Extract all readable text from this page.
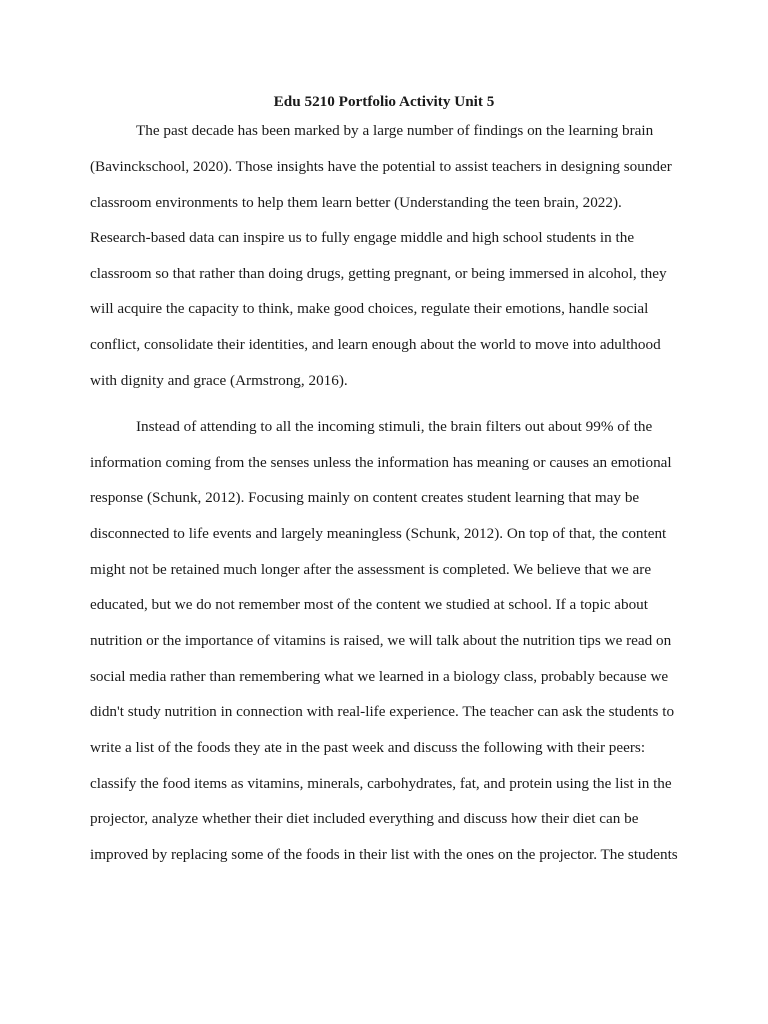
Edu 5210 Portfolio Activity Unit 5

The past decade has been marked by a large number of findings on the learning brain

(Bavinckschool, 2020). Those insights have the potential to assist teachers in designing sounder

classroom environments to help them learn better (Understanding the teen brain, 2022).

Research-based data can inspire us to fully engage middle and high school students in the

classroom so that rather than doing drugs, getting pregnant, or being immersed in alcohol, they

will acquire the capacity to think, make good choices, regulate their emotions, handle social

conflict, consolidate their identities, and learn enough about the world to move into adulthood

with dignity and grace (Armstrong, 2016).

Instead of attending to all the incoming stimuli, the brain filters out about 99% of the

information coming from the senses unless the information has meaning or causes an emotional

response (Schunk, 2012). Focusing mainly on content creates student learning that may be

disconnected to life events and largely meaningless (Schunk, 2012). On top of that, the content

might not be retained much longer after the assessment is completed. We believe that we are

educated, but we do not remember most of the content we studied at school. If a topic about

nutrition or the importance of vitamins is raised, we will talk about the nutrition tips we read on

social media rather than remembering what we learned in a biology class, probably because we

didn't study nutrition in connection with real-life experience. The teacher can ask the students to

write a list of the foods they ate in the past week and discuss the following with their peers:

classify the food items as vitamins, minerals, carbohydrates, fat, and protein using the list in the

projector, analyze whether their diet included everything and discuss how their diet can be

improved by replacing some of the foods in their list with the ones on the projector. The students
